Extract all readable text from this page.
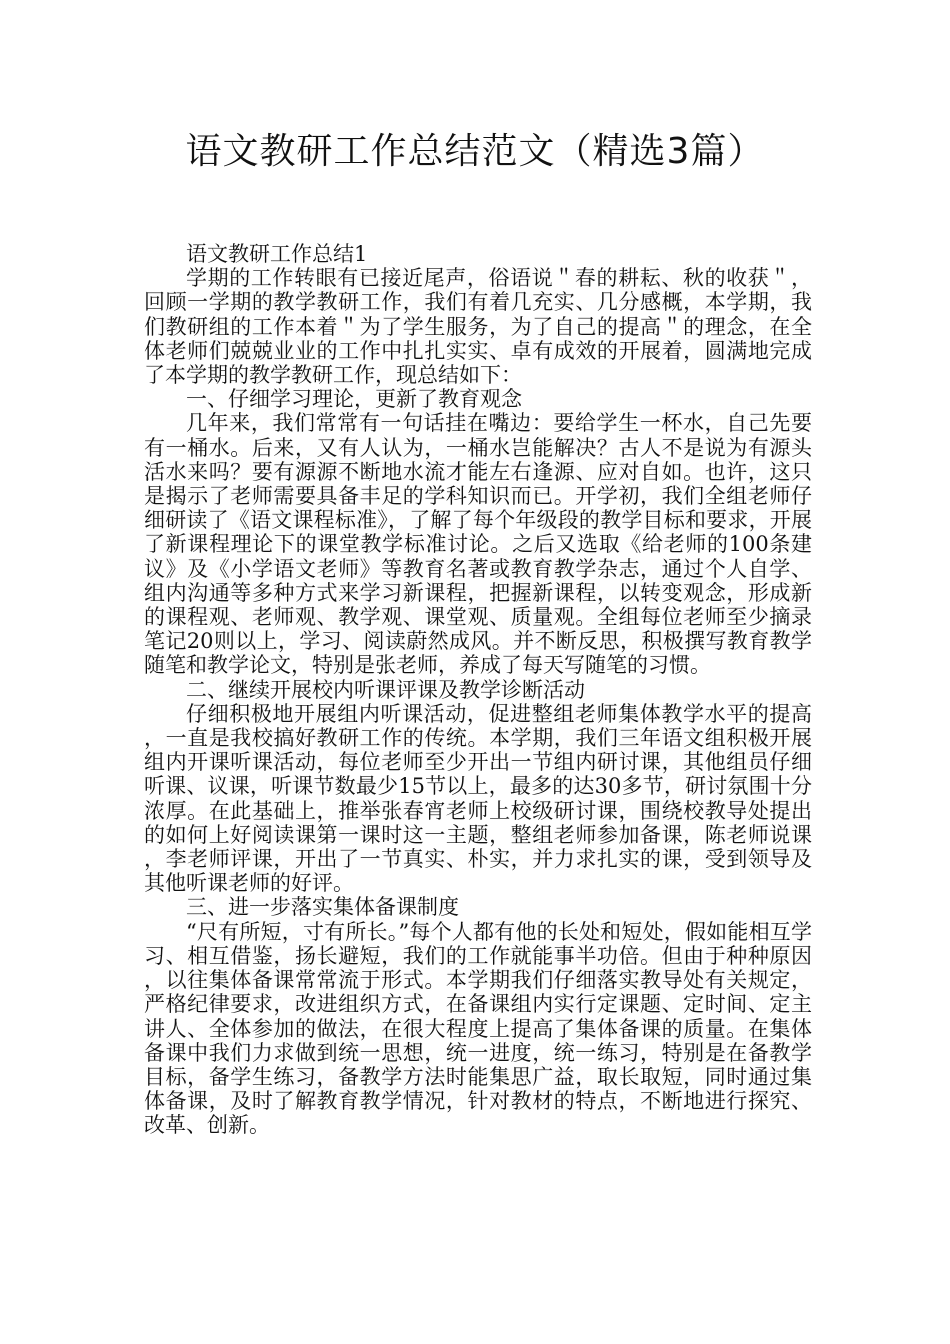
语文教研工作总结范文（精选3篇）

语文教研工作总结1

学期的工作转眼有已接近尾声，俗语说＂春的耕耘、秋的收获＂，回顾一学期的教学教研工作，我们有着几充实、几分感概，本学期，我们教研组的工作本着＂为了学生服务，为了自己的提高＂的理念，在全体老师们兢兢业业的工作中扎扎实实、卓有成效的开展着，圆满地完成了本学期的教学教研工作，现总结如下：

一、仔细学习理论，更新了教育观念

几年来，我们常常有一句话挂在嘴边：要给学生一杯水，自己先要有一桶水。后来，又有人认为，一桶水岂能解决？古人不是说为有源头活水来吗？要有源源不断地水流才能左右逢源、应对自如。也许，这只是揭示了老师需要具备丰足的学科知识而已。开学初，我们全组老师仔细研读了《语文课程标准》，了解了每个年级段的教学目标和要求，开展了新课程理论下的课堂教学标准讨论。之后又选取《给老师的100条建议》及《小学语文老师》等教育名著或教育教学杂志，通过个人自学、组内沟通等多种方式来学习新课程，把握新课程，以转变观念，形成新的课程观、老师观、教学观、课堂观、质量观。全组每位老师至少摘录笔记20则以上，学习、阅读蔚然成风。并不断反思，积极撰写教育教学随笔和教学论文，特别是张老师，养成了每天写随笔的习惯。

二、继续开展校内听课评课及教学诊断活动

仔细积极地开展组内听课活动，促进整组老师集体教学水平的提高，一直是我校搞好教研工作的传统。本学期，我们三年语文组积极开展组内开课听课活动，每位老师至少开出一节组内研讨课，其他组员仔细听课、议课，听课节数最少15节以上，最多的达30多节，研讨氛围十分浓厚。在此基础上，推举张春宵老师上校级研讨课，围绕校教导处提出的如何上好阅读课第一课时这一主题，整组老师参加备课，陈老师说课，李老师评课，开出了一节真实、朴实，并力求扎实的课，受到领导及其他听课老师的好评。

三、进一步落实集体备课制度

“尺有所短，寸有所长。”每个人都有他的长处和短处，假如能相互学习、相互借鉴，扬长避短，我们的工作就能事半功倍。但由于种种原因，以往集体备课常常流于形式。本学期我们仔细落实教导处有关规定，严格纪律要求，改进组织方式，在备课组内实行定课题、定时间、定主讲人、全体参加的做法，在很大程度上提高了集体备课的质量。在集体备课中我们力求做到统一思想，统一进度，统一练习，特别是在备教学目标，备学生练习，备教学方法时能集思广益，取长取短，同时通过集体备课，及时了解教育教学情况，针对教材的特点，不断地进行探究、改革、创新。
